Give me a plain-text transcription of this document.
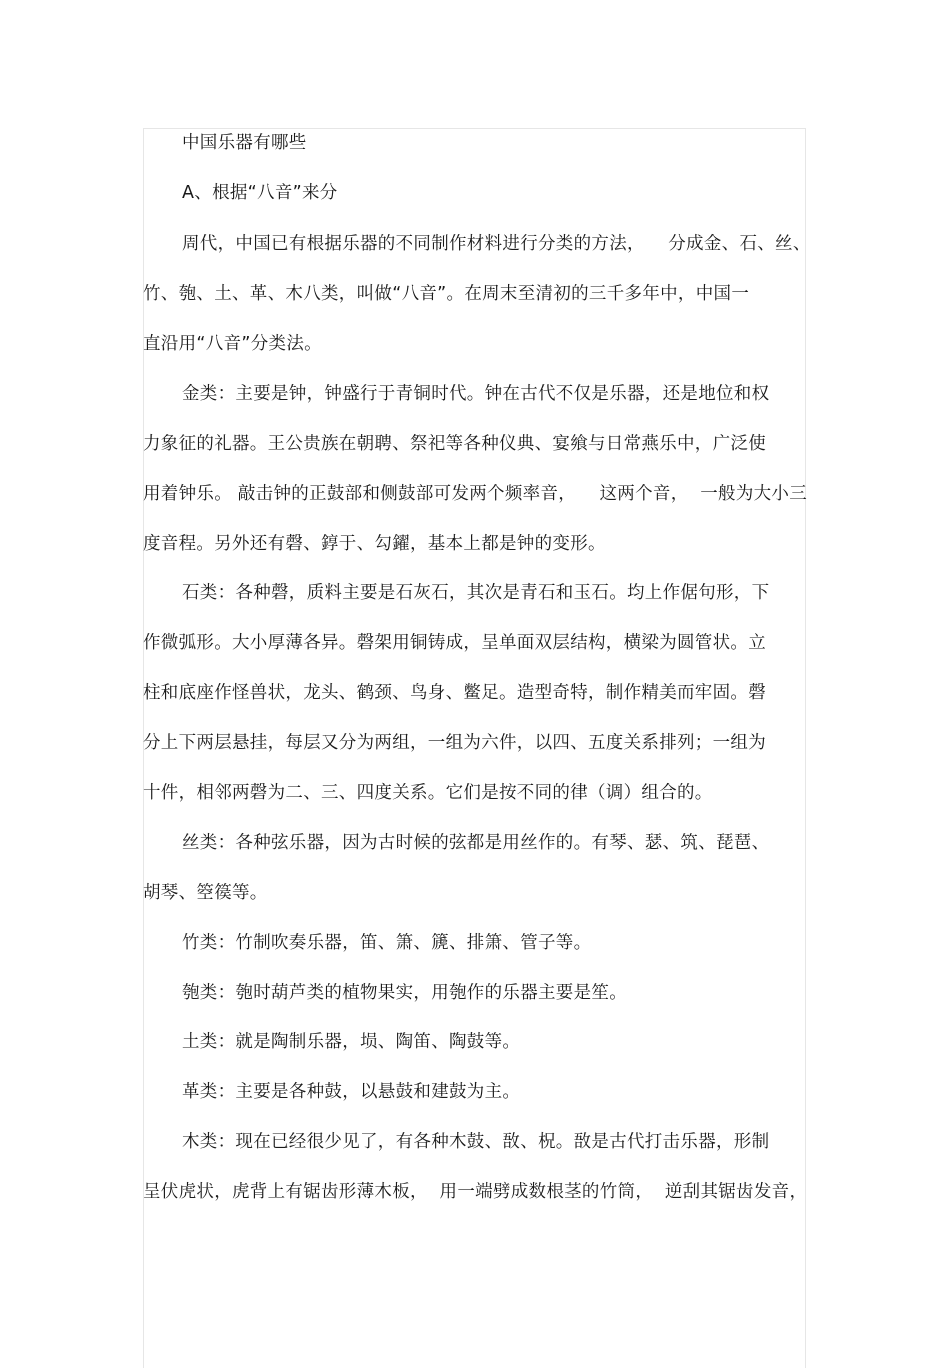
中国乐器有哪些
A、根据“八音”来分
周代，中国已有根据乐器的不同制作材料进行分类的方法，    分成金、石、丝、
竹、匏、土、革、木八类，叫做“八音”。在周末至清初的三千多年中，中国一
直沿用“八音”分类法。
金类：主要是钟，钟盛行于青铜时代。钟在古代不仅是乐器，还是地位和权
力象征的礼器。王公贵族在朝聘、祭祀等各种仪典、宴飨与日常燕乐中，广泛使
用着钟乐。 敲击钟的正鼓部和侧鼓部可发两个频率音，    这两个音，  一般为大小三
度音程。另外还有磬、錞于、勾鑃，基本上都是钟的变形。
石类：各种磬，质料主要是石灰石，其次是青石和玉石。均上作倨句形，下
作微弧形。大小厚薄各异。磬架用铜铸成，呈单面双层结构，横梁为圆管状。立
柱和底座作怪兽状，龙头、鹤颈、鸟身、鳖足。造型奇特，制作精美而牢固。磬
分上下两层悬挂，每层又分为两组，一组为六件，以四、五度关系排列；一组为
十件，相邻两磬为二、三、四度关系。它们是按不同的律（调）组合的。
丝类：各种弦乐器，因为古时候的弦都是用丝作的。有琴、瑟、筑、琵琶、
胡琴、箜篌等。
竹类：竹制吹奏乐器，笛、箫、篪、排箫、管子等。
匏类：匏时葫芦类的植物果实，用匏作的乐器主要是笙。
土类：就是陶制乐器，埙、陶笛、陶鼓等。
革类：主要是各种鼓，以悬鼓和建鼓为主。
木类：现在已经很少见了，有各种木鼓、敔、柷。敔是古代打击乐器，形制
呈伏虎状，虎背上有锯齿形薄木板，  用一端劈成数根茎的竹筒，  逆刮其锯齿发音，
